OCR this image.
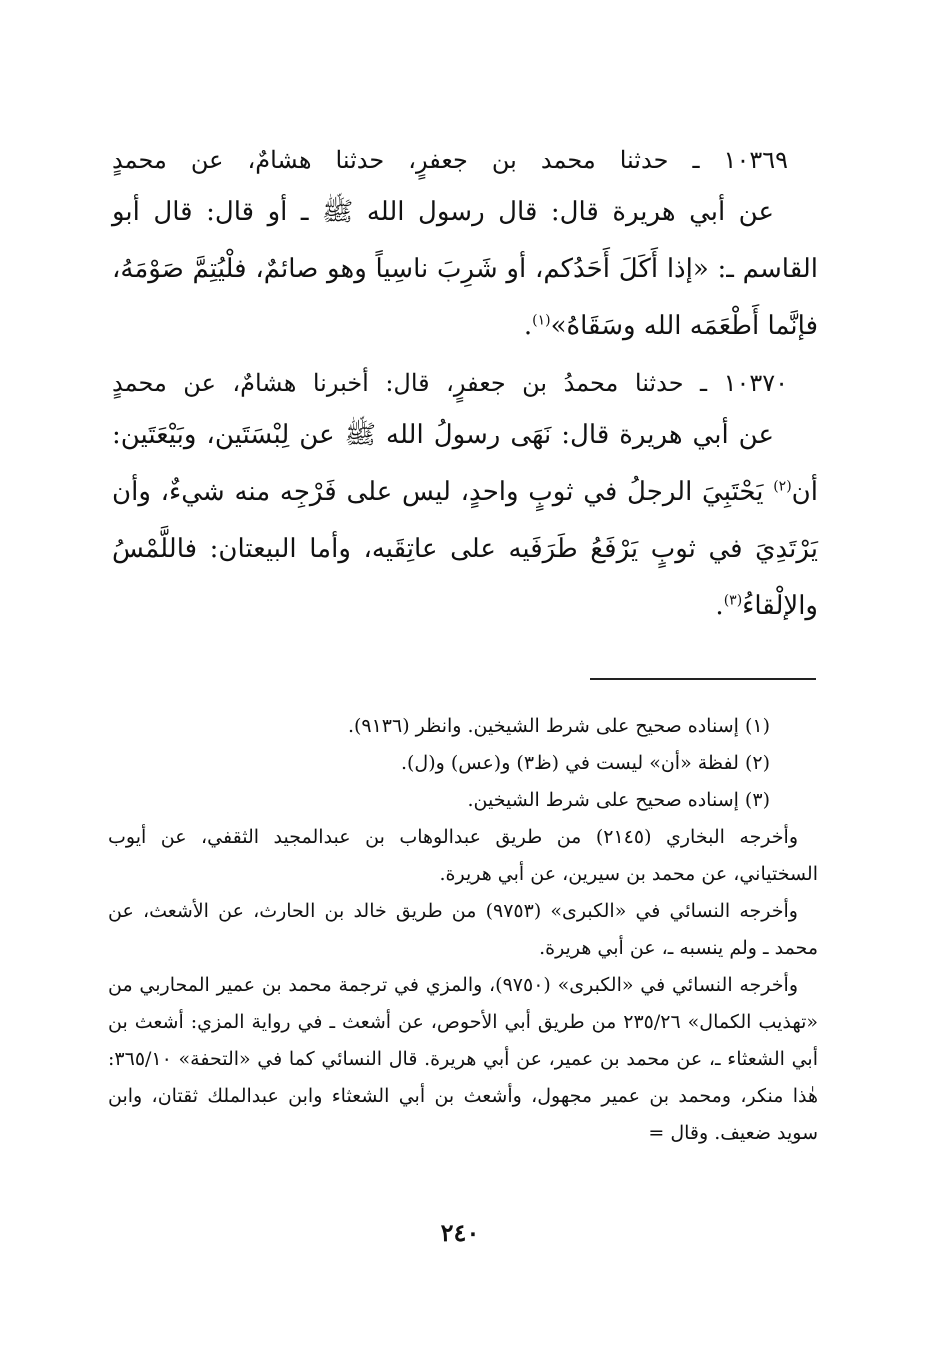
١٠٣٦٩ ـ حدثنا محمد بن جعفرٍ، حدثنا هشامٌ، عن محمدٍ

عن أبي هريرة قال: قال رسول الله ﷺ ـ أو قال: قال أبو القاسم ـ: «إذا أَكَلَ أَحَدُكم، أو شَرِبَ ناسِياً وهو صائمٌ، فلْيُتِمَّ صَوْمَهُ، فإنَّما أَطْعَمَه الله وسَقَاهُ»$^{(١)}$.

١٠٣٧٠ ـ حدثنا محمدُ بن جعفرٍ، قال: أخبرنا هشامٌ، عن محمدٍ

عن أبي هريرة قال: نَهَى رسولُ الله ﷺ عن لِبْسَتَين، وبَيْعَتَين: أن$^{(٢)}$ يَحْتَبِيَ الرجلُ في ثوبٍ واحدٍ، ليس على فَرْجِه منه شيءٌ، وأن يَرْتَدِيَ في ثوبٍ يَرْفَعُ طَرَفَيه على عاتِقَيه، وأما البيعتان: فاللَّمْسُ والإلْقاءُ$^{(٣)}$.

(١) إسناده صحيح على شرط الشيخين. وانظر (٩١٣٦).

(٢) لفظة «أن» ليست في (ظ٣) و(عس) و(ل).

(٣) إسناده صحيح على شرط الشيخين.

وأخرجه البخاري (٢١٤٥) من طريق عبدالوهاب بن عبدالمجيد الثقفي، عن أيوب السختياني، عن محمد بن سيرين، عن أبي هريرة.

وأخرجه النسائي في «الكبرى» (٩٧٥٣) من طريق خالد بن الحارث، عن الأشعث، عن محمد ـ ولم ينسبه ـ، عن أبي هريرة.

وأخرجه النسائي في «الكبرى» (٩٧٥٠)، والمزي في ترجمة محمد بن عمير المحاربي من «تهذيب الكمال» ٢٣٥/٢٦ من طريق أبي الأحوص، عن أشعث ـ في رواية المزي: أشعث بن أبي الشعثاء ـ، عن محمد بن عمير، عن أبي هريرة. قال النسائي كما في «التحفة» ٣٦٥/١٠: هٰذا منكر، ومحمد بن عمير مجهول، وأشعث بن أبي الشعثاء وابن عبدالملك ثقتان، وابن سويد ضعيف. وقال =

٢٤٠
